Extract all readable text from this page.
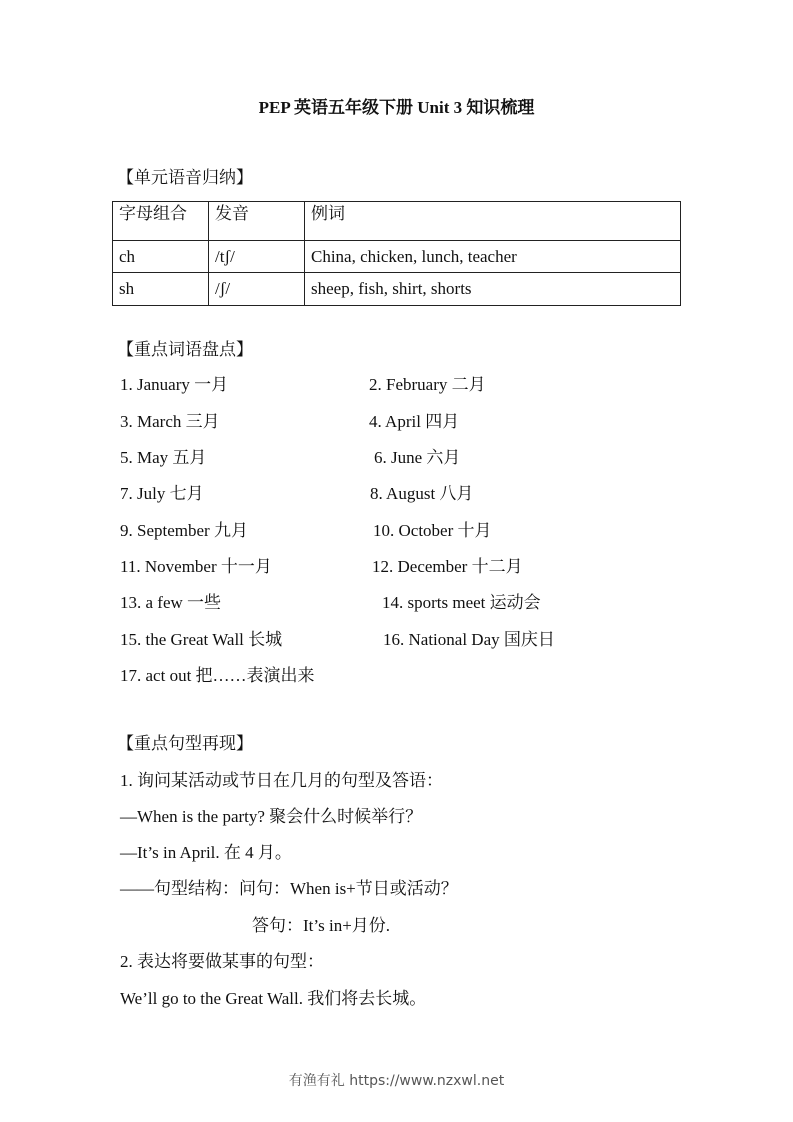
PEP 英语五年级下册 Unit 3 知识梳理
【单元语音归纳】
字母组合	发音	例词
ch	/tʃ/	China, chicken, lunch, teacher
sh	/ʃ/	sheep, fish, shirt, shorts
【重点词语盘点】
1. January 一月	2. February 二月
3. March 三月	4. April 四月
5. May 五月	6. June 六月
7. July 七月	8. August 八月
9. September 九月	10. October 十月
11. November 十一月	12. December 十二月
13. a few 一些	14. sports meet 运动会
15. the Great Wall 长城	16. National Day 国庆日
17. act out 把……表演出来
【重点句型再现】
1. 询问某活动或节日在几月的句型及答语：
—When is the party? 聚会什么时候举行？
—It’s in April. 在 4 月。
——句型结构：问句：When is+节日或活动？
答句：It’s in+月份.
2. 表达将要做某事的句型：
We’ll go to the Great Wall. 我们将去长城。
有渔有礼 https://www.nzxwl.net
